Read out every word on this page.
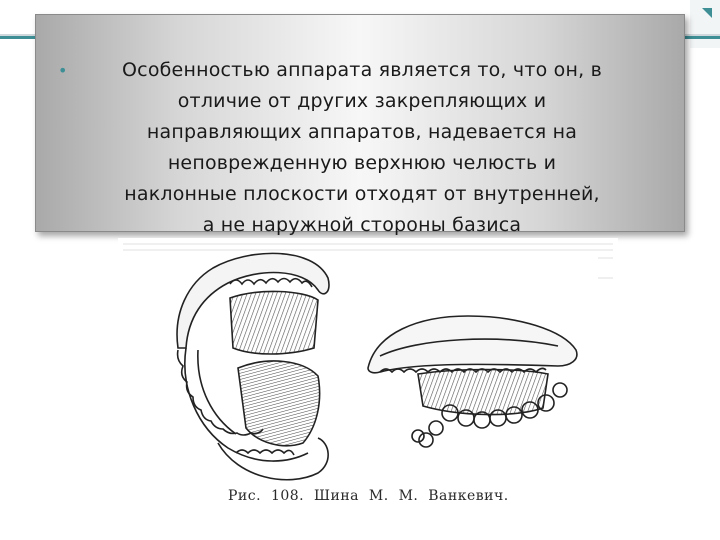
•	Особенностью аппарата является то, что он, в
отличие от других закрепляющих и
направляющих аппаратов, надевается на
неповрежденную верхнюю челюсть и
наклонные плоскости отходят от внутренней,
а не наружной стороны базиса
Рис.  108.  Шина  М.  М.  Ванкевич.
